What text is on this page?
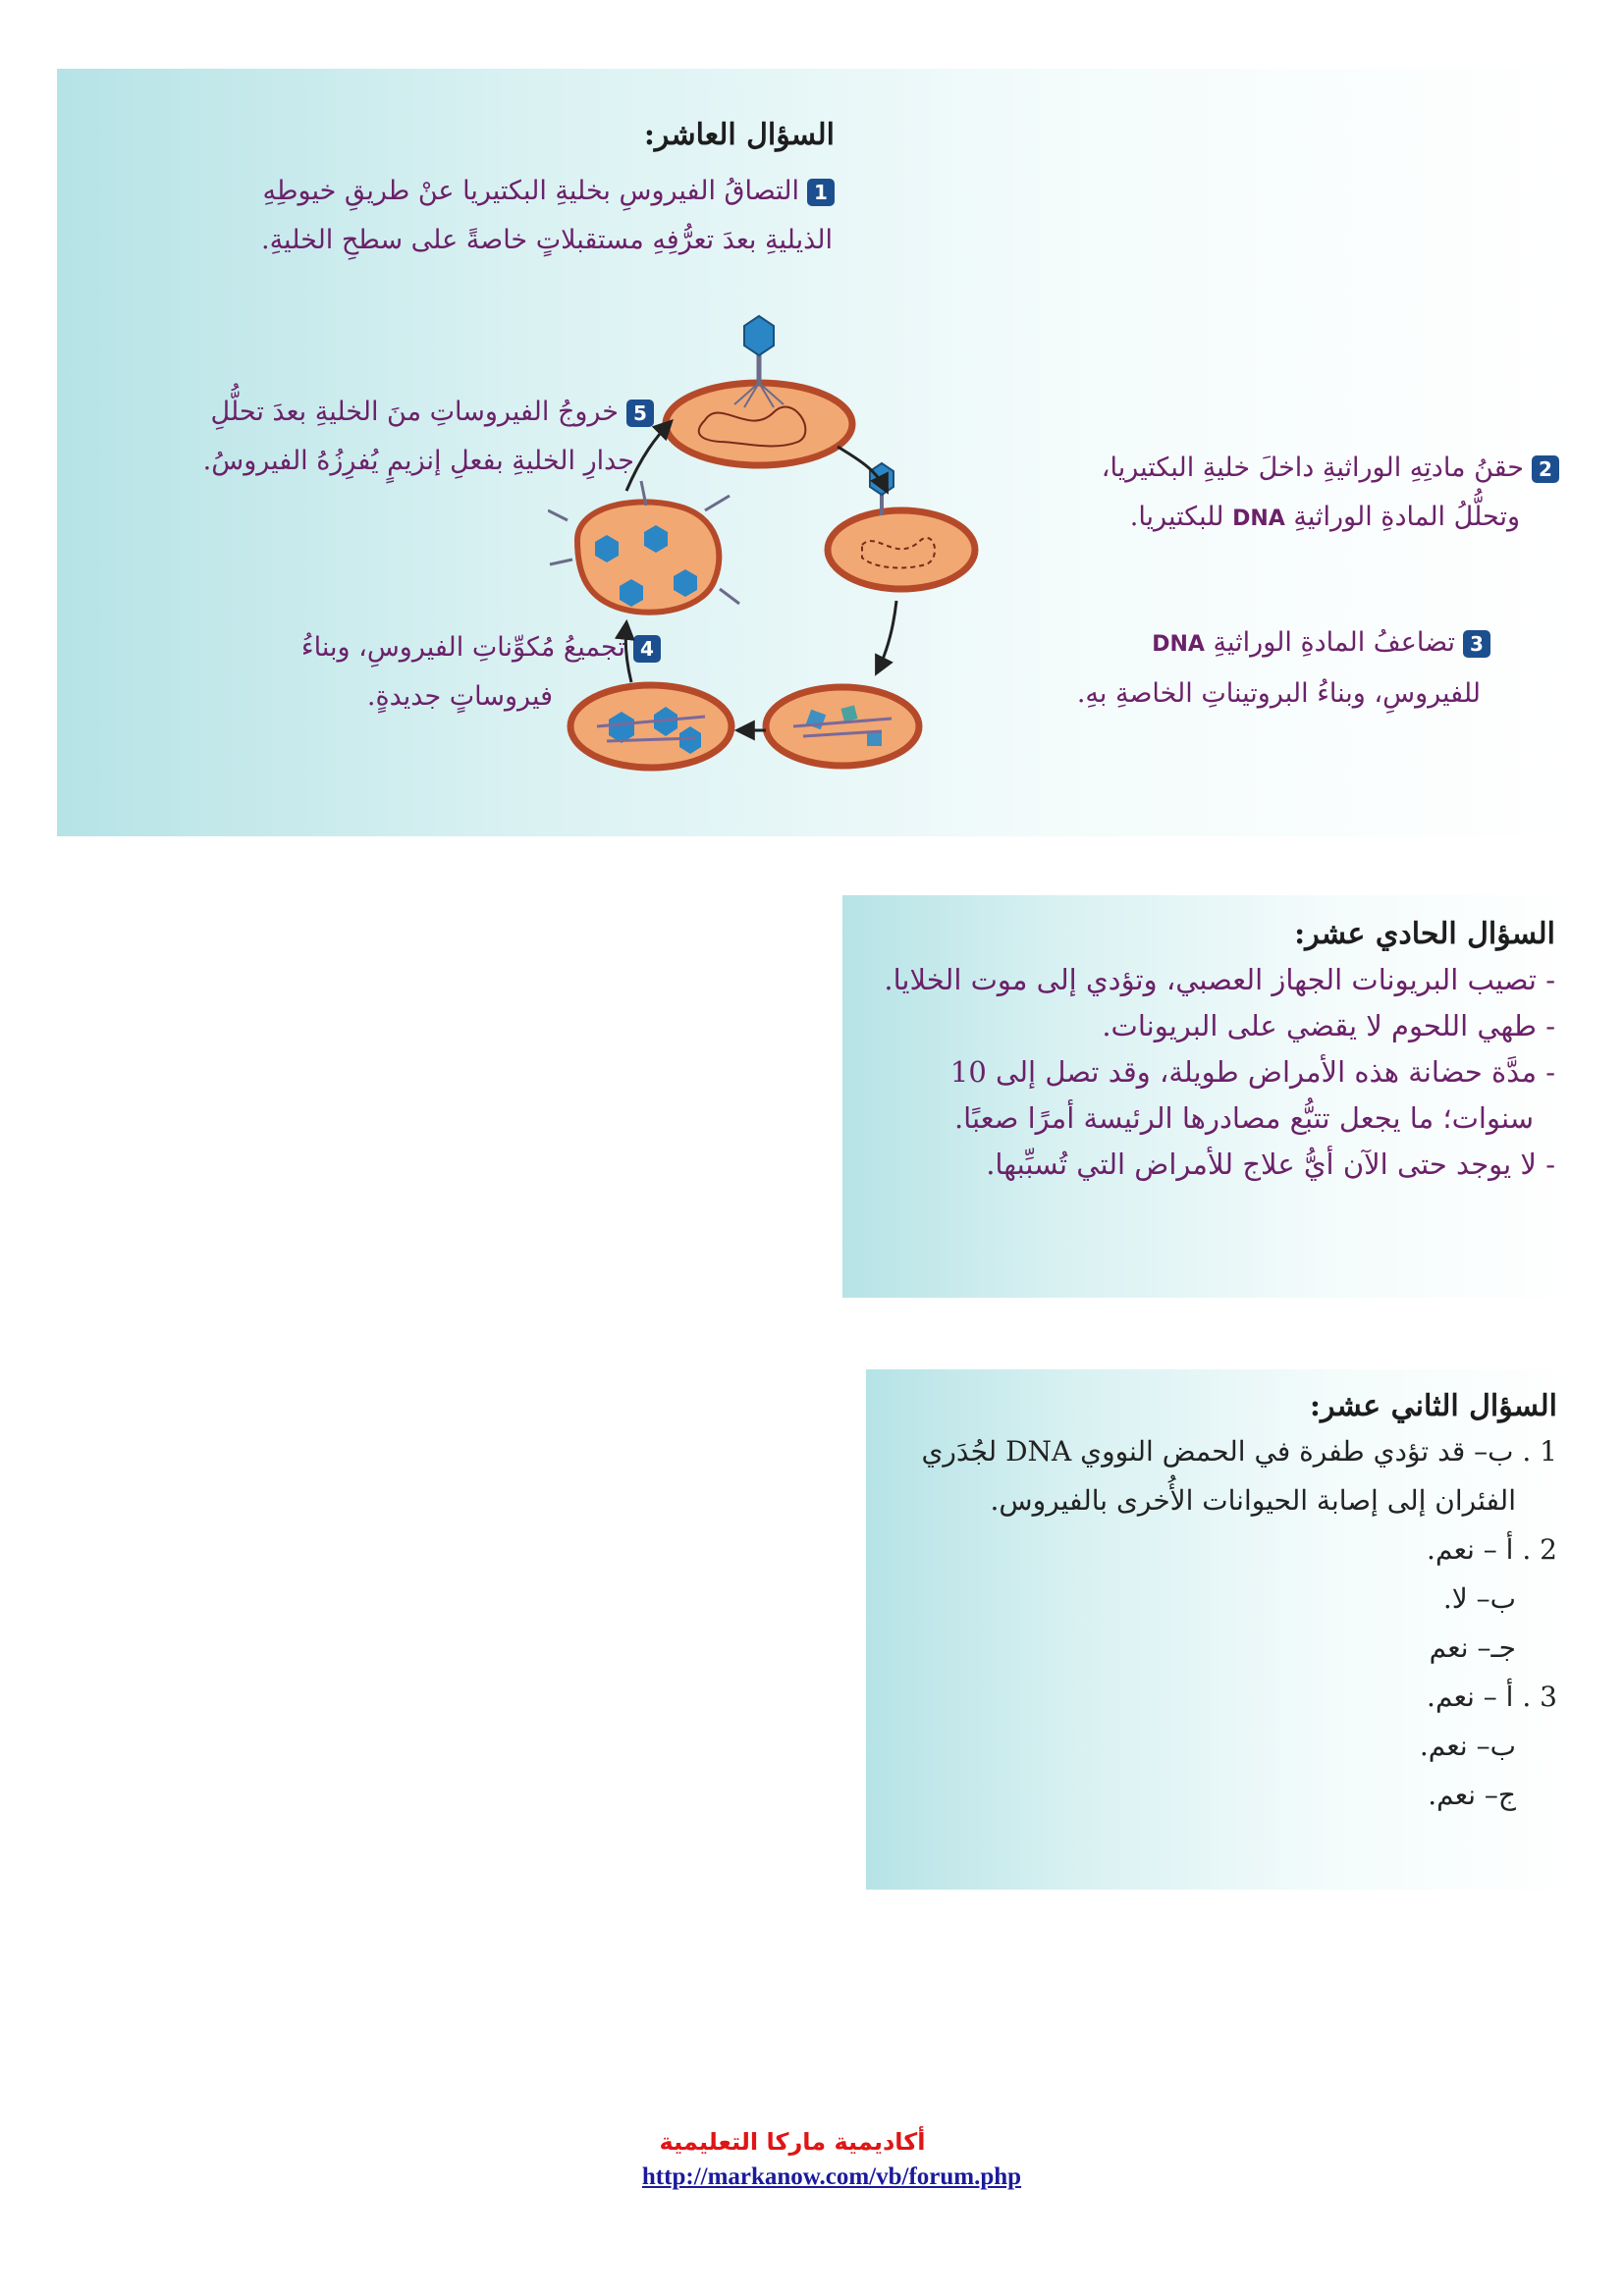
السؤال العاشر:
1التصاقُ الفيروسِ بخليةِ البكتيريا عنْ طريقِ خيوطِهِ
الذيليةِ بعدَ تعرُّفِهِ مستقبلاتٍ خاصةً على سطحِ الخليةِ.
5خروجُ الفيروساتِ منَ الخليةِ بعدَ تحلُّلِ
جدارِ الخليةِ بفعلِ إنزيمٍ يُفرِزُهُ الفيروسُ.	2حقنُ مادتِهِ الوراثيةِ داخلَ خليةِ البكتيريا،
وتحلُّلُ المادةِ الوراثيةِ DNA للبكتيريا.
3تضاعفُ المادةِ الوراثيةِ DNA
للفيروسِ، وبناءُ البروتيناتِ الخاصةِ بهِ.
4تجميعُ مُكوِّناتِ الفيروسِ، وبناءُ
فيروساتٍ جديدةٍ.
السؤال الحادي عشر:
- تصيب البريونات الجهاز العصبي، وتؤدي إلى موت الخلايا.
- طهي اللحوم لا يقضي على البريونات.
- مدَّة حضانة هذه الأمراض طويلة، وقد تصل إلى 10
سنوات؛ ما يجعل تتبُّع مصادرها الرئيسة أمرًا صعبًا.
- لا يوجد حتى الآن أيُّ علاج للأمراض التي تُسبِّبها.
السؤال الثاني عشر:
1 . ب– قد تؤدي طفرة في الحمض النووي DNA لجُدَري
الفئران إلى إصابة الحيوانات الأُخرى بالفيروس.
2 . أ – نعم.
ب– لا.
جـ– نعم
3 . أ – نعم.
ب– نعم.
ج– نعم.
أكاديمية ماركا التعليمية
http://markanow.com/vb/forum.php
